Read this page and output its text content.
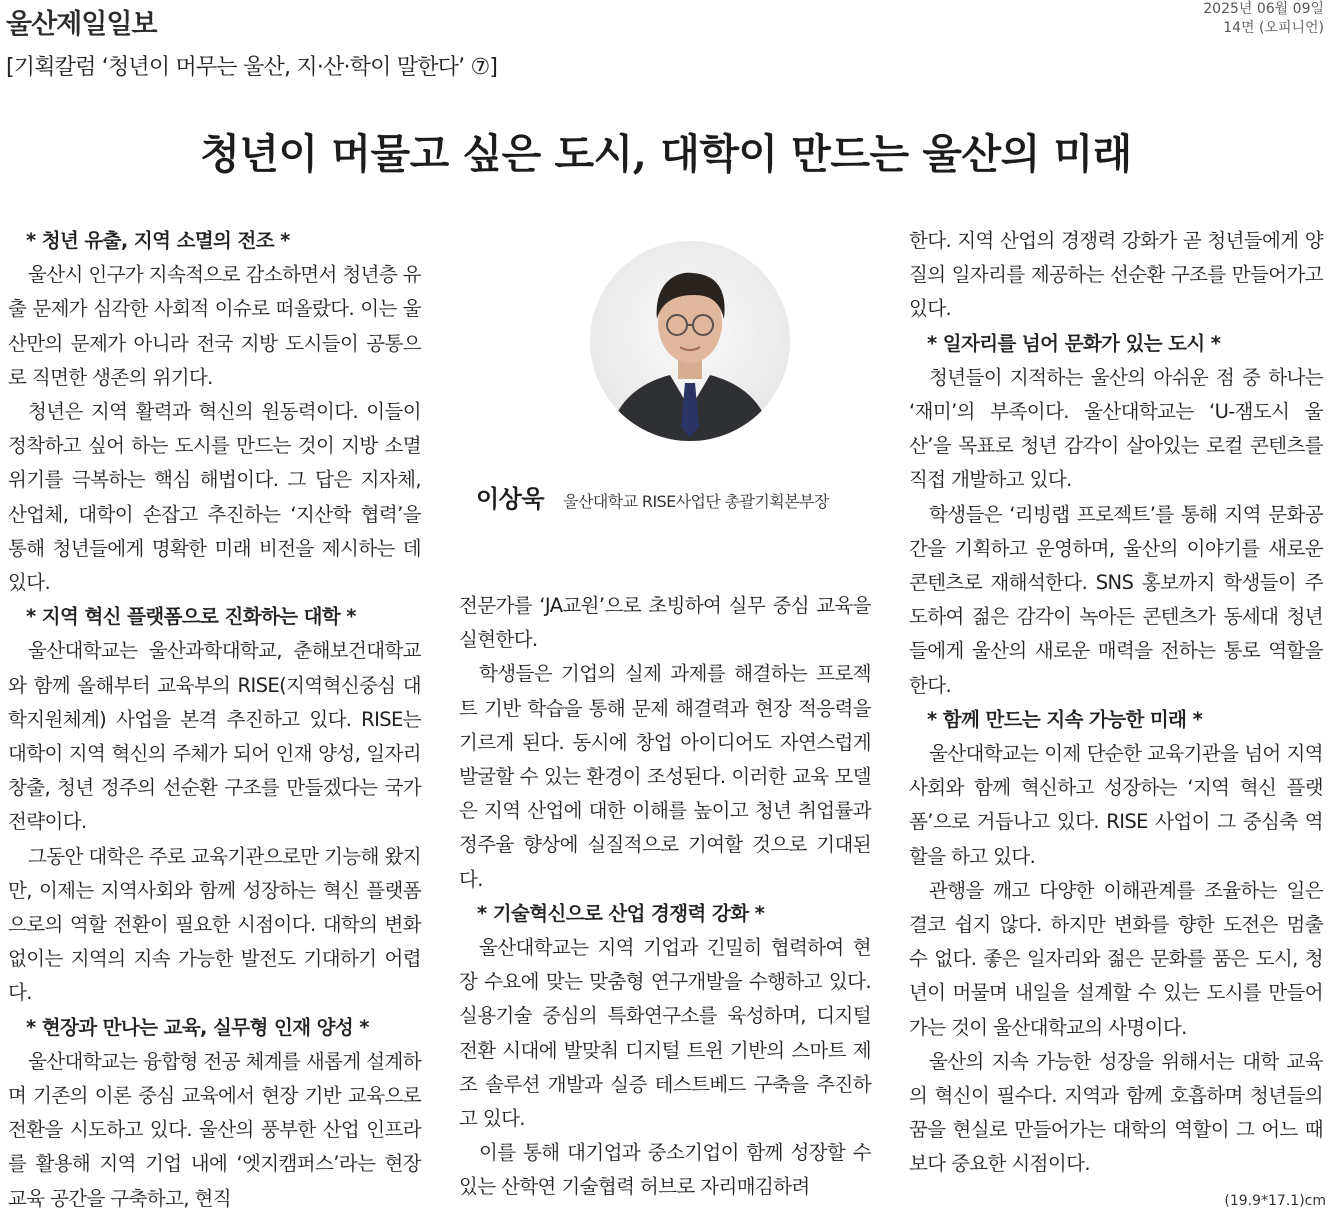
울산제일일보	2025년 06월 09일
14면 (오피니언)
[기획칼럼 ‘청년이 머무는 울산, 지·산·학이 말한다’ ⑦]
청년이 머물고 싶은 도시, 대학이 만드는 울산의 미래

* 청년 유출, 지역 소멸의 전조 *

울산시 인구가 지속적으로 감소하면서 청년층 유출 문제가 심각한 사회적 이슈로 떠올랐다. 이는 울산만의 문제가 아니라 전국 지방 도시들이 공통으로 직면한 생존의 위기다.

청년은 지역 활력과 혁신의 원동력이다. 이들이 정착하고 싶어 하는 도시를 만드는 것이 지방 소멸 위기를 극복하는 핵심 해법이다. 그 답은 지자체, 산업체, 대학이 손잡고 추진하는 ‘지산학 협력’을 통해 청년들에게 명확한 미래 비전을 제시하는 데 있다.

* 지역 혁신 플랫폼으로 진화하는 대학 *

울산대학교는 울산과학대학교, 춘해보건대학교와 함께 올해부터 교육부의 RISE(지역혁신중심 대학지원체계) 사업을 본격 추진하고 있다. RISE는 대학이 지역 혁신의 주체가 되어 인재 양성, 일자리 창출, 청년 정주의 선순환 구조를 만들겠다는 국가 전략이다.

그동안 대학은 주로 교육기관으로만 기능해 왔지만, 이제는 지역사회와 함께 성장하는 혁신 플랫폼으로의 역할 전환이 필요한 시점이다. 대학의 변화 없이는 지역의 지속 가능한 발전도 기대하기 어렵다.

* 현장과 만나는 교육, 실무형 인재 양성 *

울산대학교는 융합형 전공 체계를 새롭게 설계하며 기존의 이론 중심 교육에서 현장 기반 교육으로 전환을 시도하고 있다. 울산의 풍부한 산업 인프라를 활용해 지역 기업 내에 ‘엣지캠퍼스’라는 현장 교육 공간을 구축하고, 현직

이상욱 울산대학교 RISE사업단 총괄기획본부장

전문가를 ‘JA교원’으로 초빙하여 실무 중심 교육을 실현한다.

학생들은 기업의 실제 과제를 해결하는 프로젝트 기반 학습을 통해 문제 해결력과 현장 적응력을 기르게 된다. 동시에 창업 아이디어도 자연스럽게 발굴할 수 있는 환경이 조성된다. 이러한 교육 모델은 지역 산업에 대한 이해를 높이고 청년 취업률과 정주율 향상에 실질적으로 기여할 것으로 기대된다.

* 기술혁신으로 산업 경쟁력 강화 *

울산대학교는 지역 기업과 긴밀히 협력하여 현장 수요에 맞는 맞춤형 연구개발을 수행하고 있다. 실용기술 중심의 특화연구소를 육성하며, 디지털 전환 시대에 발맞춰 디지털 트윈 기반의 스마트 제조 솔루션 개발과 실증 테스트베드 구축을 추진하고 있다.

이를 통해 대기업과 중소기업이 함께 성장할 수 있는 산학연 기술협력 허브로 자리매김하려

한다. 지역 산업의 경쟁력 강화가 곧 청년들에게 양질의 일자리를 제공하는 선순환 구조를 만들어가고 있다.

* 일자리를 넘어 문화가 있는 도시 *

청년들이 지적하는 울산의 아쉬운 점 중 하나는 ‘재미’의 부족이다. 울산대학교는 ‘U-잼도시 울산’을 목표로 청년 감각이 살아있는 로컬 콘텐츠를 직접 개발하고 있다.

학생들은 ‘리빙랩 프로젝트’를 통해 지역 문화공간을 기획하고 운영하며, 울산의 이야기를 새로운 콘텐츠로 재해석한다. SNS 홍보까지 학생들이 주도하여 젊은 감각이 녹아든 콘텐츠가 동세대 청년들에게 울산의 새로운 매력을 전하는 통로 역할을 한다.

* 함께 만드는 지속 가능한 미래 *

울산대학교는 이제 단순한 교육기관을 넘어 지역사회와 함께 혁신하고 성장하는 ‘지역 혁신 플랫폼’으로 거듭나고 있다. RISE 사업이 그 중심축 역할을 하고 있다.

관행을 깨고 다양한 이해관계를 조율하는 일은 결코 쉽지 않다. 하지만 변화를 향한 도전은 멈출 수 없다. 좋은 일자리와 젊은 문화를 품은 도시, 청년이 머물며 내일을 설계할 수 있는 도시를 만들어가는 것이 울산대학교의 사명이다.

울산의 지속 가능한 성장을 위해서는 대학 교육의 혁신이 필수다. 지역과 함께 호흡하며 청년들의 꿈을 현실로 만들어가는 대학의 역할이 그 어느 때보다 중요한 시점이다.

(19.9*17.1)cm
